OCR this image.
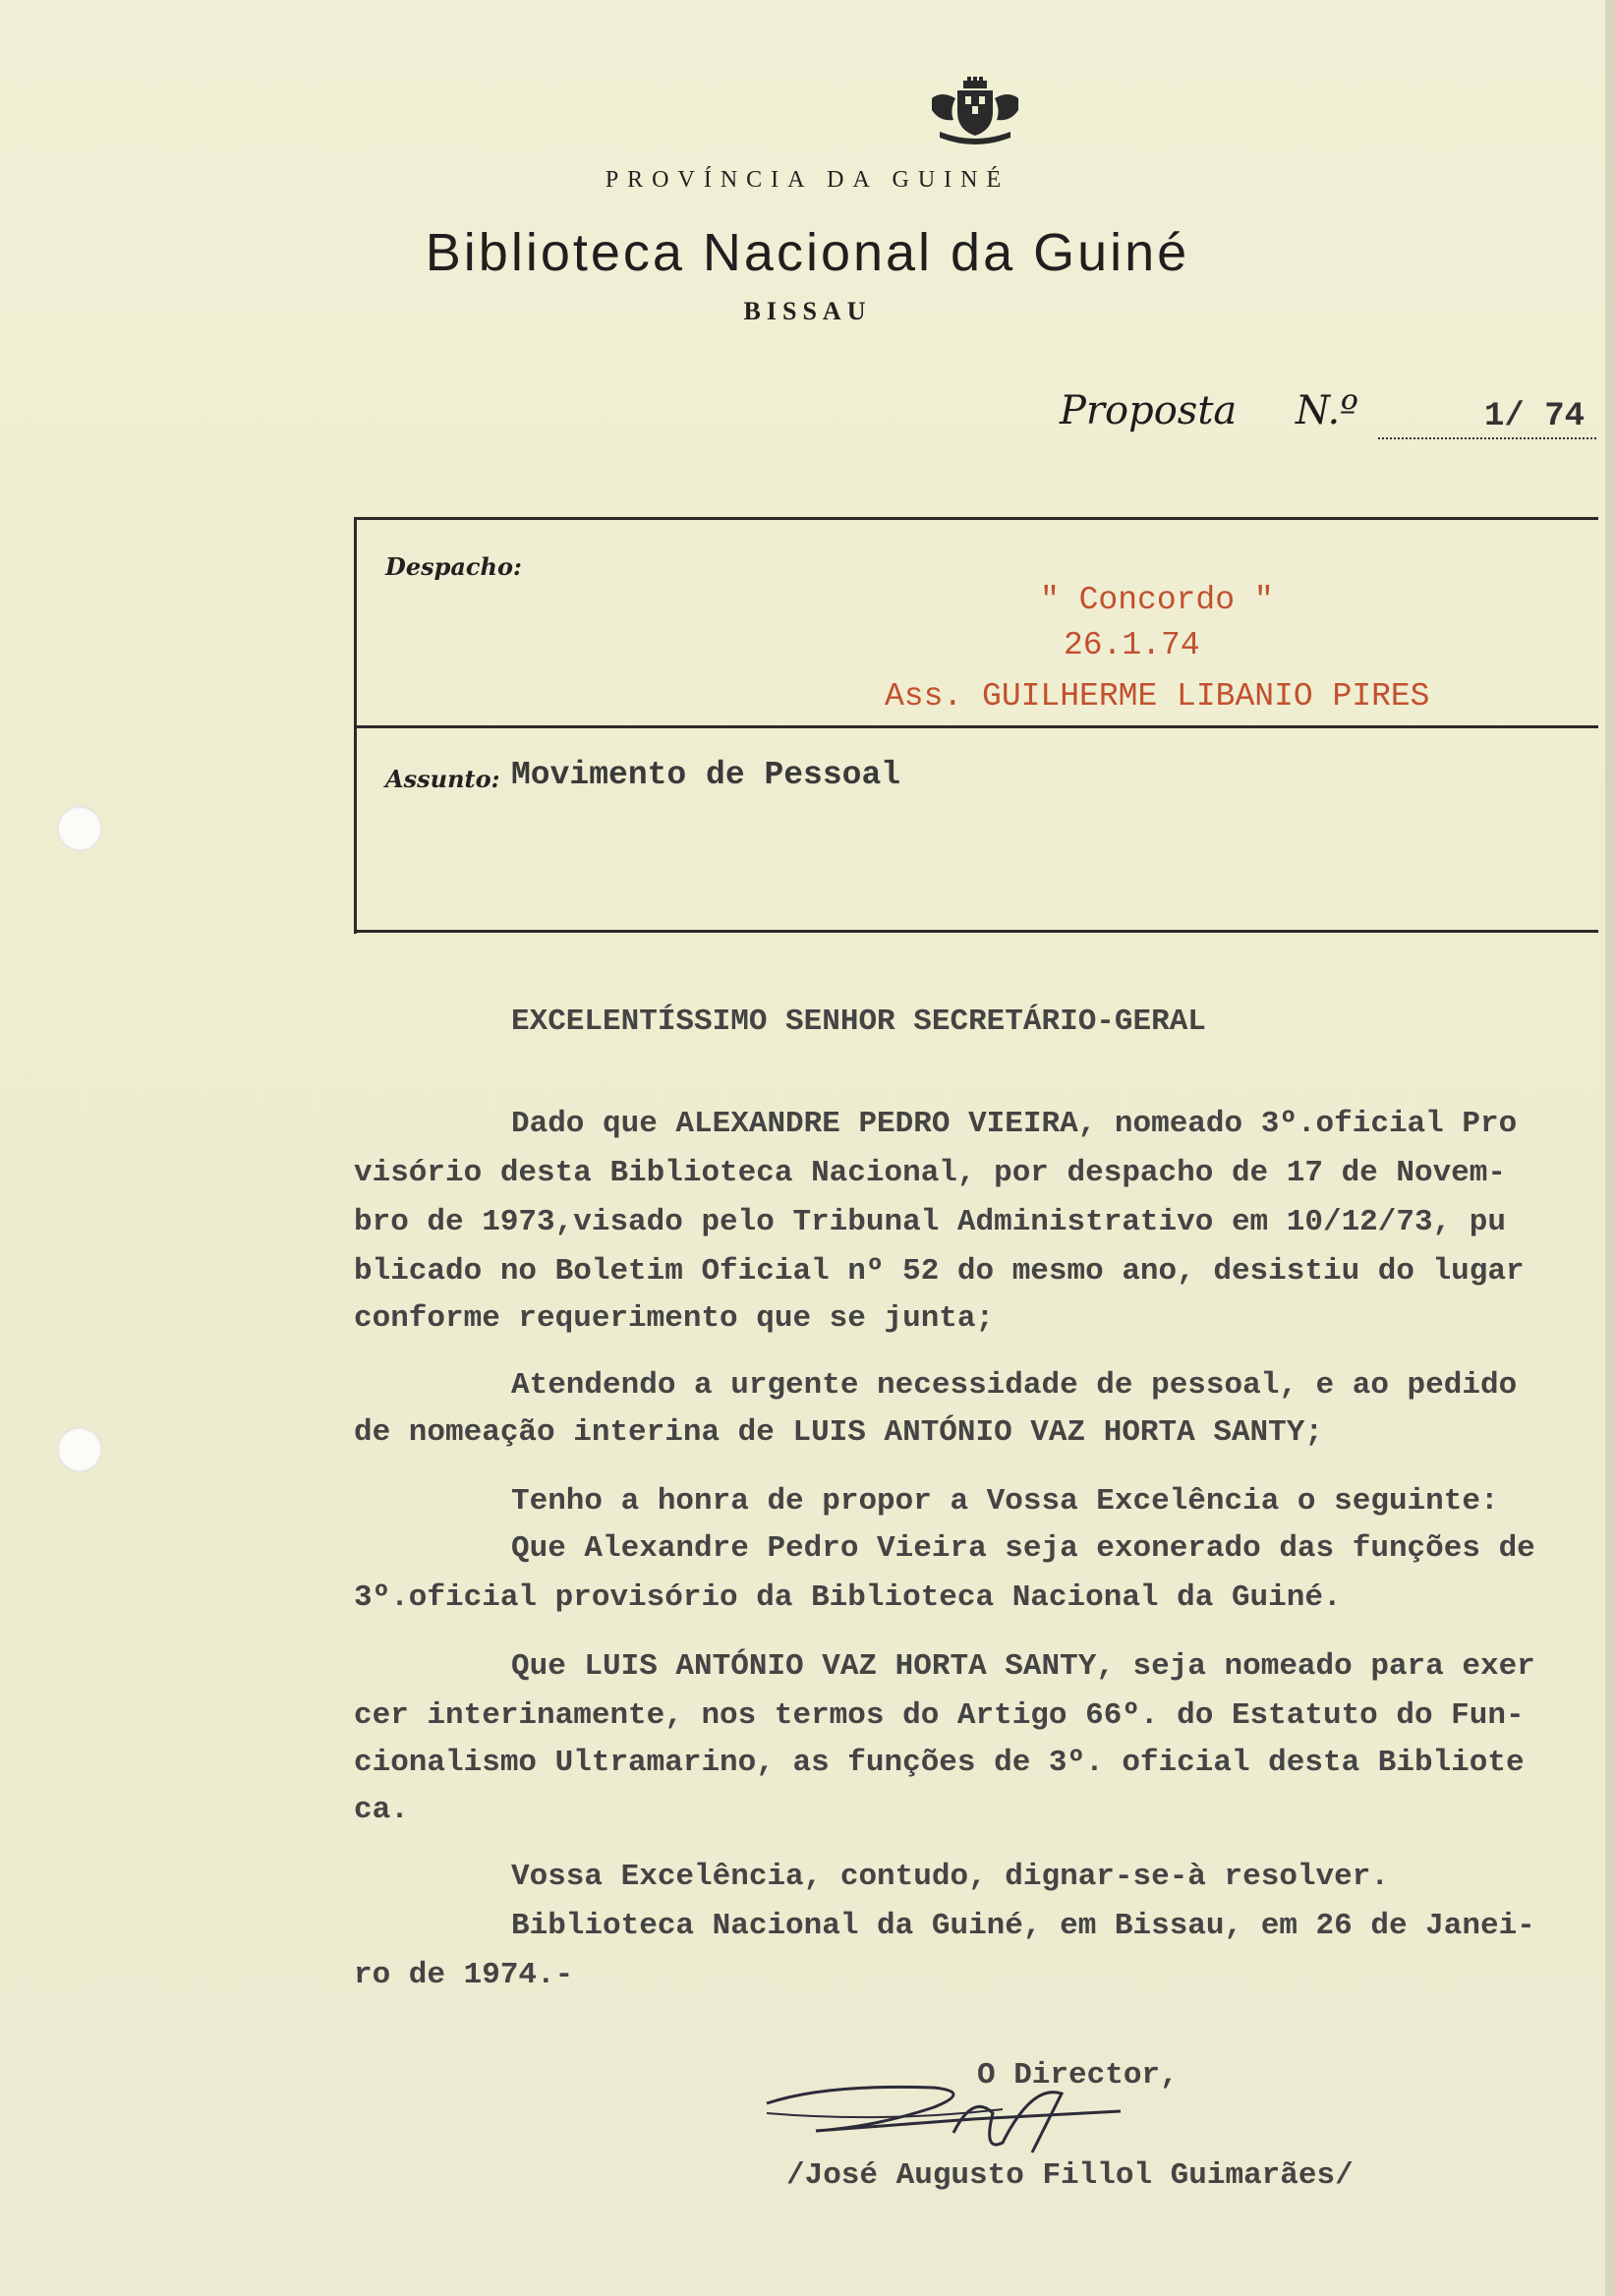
PROVÍNCIA DA GUINÉ
Biblioteca Nacional da Guiné
BISSAU
Proposta N.º	1/ 74
Despacho:
" Concordo "
26.1.74
Ass. GUILHERME LIBANIO PIRES
Assunto: Movimento de Pessoal
EXCELENTÍSSIMO SENHOR SECRETÁRIO-GERAL
Dado que ALEXANDRE PEDRO VIEIRA, nomeado 3º.oficial Pro
visório desta Biblioteca Nacional, por despacho de 17 de Novem-
bro de 1973,visado pelo Tribunal Administrativo em 10/12/73, pu
blicado no Boletim Oficial nº 52 do mesmo ano, desistiu do lugar
conforme requerimento que se junta;
Atendendo a urgente necessidade de pessoal, e ao pedido
de nomeação interina de LUIS ANTÓNIO VAZ HORTA SANTY;
Tenho a honra de propor a Vossa Excelência o seguinte:
Que Alexandre Pedro Vieira seja exonerado das funções de
3º.oficial provisório da Biblioteca Nacional da Guiné.
Que LUIS ANTÓNIO VAZ HORTA SANTY, seja nomeado para exer
cer interinamente, nos termos do Artigo 66º. do Estatuto do Fun-
cionalismo Ultramarino, as funções de 3º. oficial desta Bibliote
ca.
Vossa Excelência, contudo, dignar-se-à resolver.
Biblioteca Nacional da Guiné, em Bissau, em 26 de Janei-
ro de 1974.-
O Director,
/José Augusto Fillol Guimarães/
